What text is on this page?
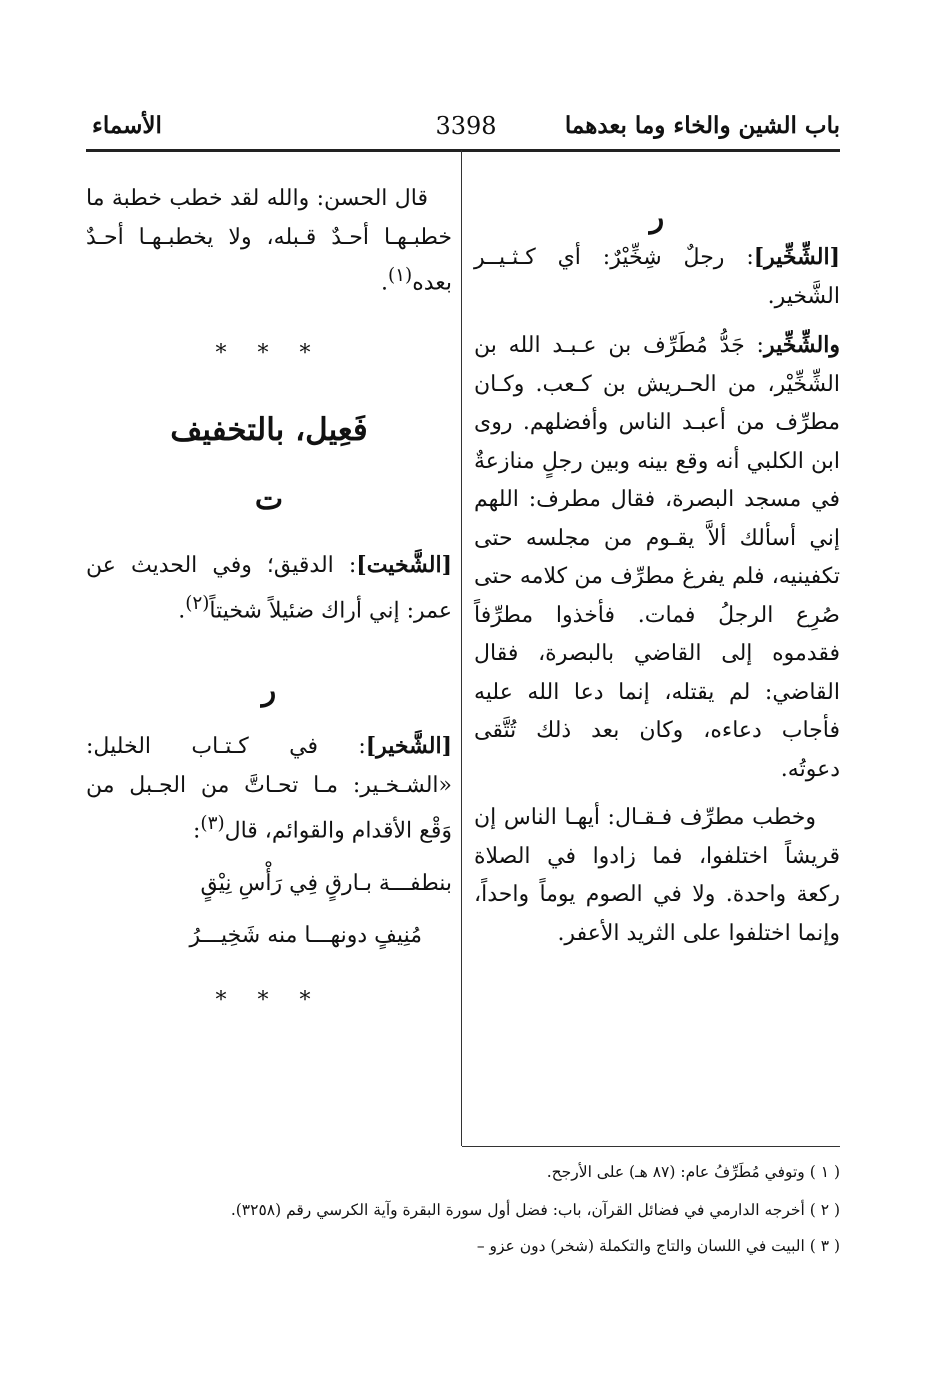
باب الشين والخاء وما بعدهما
3398
الأسماء

ر

[الشِّخِّير]: رجلٌ شِخِّيْرٌ: أي كـثـيــر الشَّخير.

والشِّخِّير: جَدُّ مُطَرِّف بن عـبـد الله بن الشِّخِّيْر، من الحـريش بن كـعب. وكـان مطرِّف من أعبـد الناس وأفضلهم. روى ابن الكلبي أنه وقع بينه وبين رجلٍ منازعةٌ في مسجد البصرة، فقال مطرف: اللهم إني أسألك ألاَّ يقـوم من مجلسه حتى تكفينيه، فلم يفرغ مطرِّف من كلامه حتى صُرِع الرجلُ فمات. فأخذوا مطرِّفاً فقدموه إلى القاضي بالبصرة، فقال القاضي: لم يقتله، إنما دعا الله عليه فأجاب دعاءه، وكان بعد ذلك تُتَّقى دعوتُه.

وخطب مطرِّف فـقـال: أيهـا الناس إن قريشاً اختلفوا، فما زادوا في الصلاة ركعة واحدة. ولا في الصوم يوماً واحداً، وإنما اختلفوا على الثريد الأعفر.

قال الحسن: والله لقد خطب خطبة ما خطبـهـا أحـدٌ قـبله، ولا يخطبـهـا أحـدٌ بعده$^{(١)}$.

* * *

فَعِيل، بالتخفيف

ت

[الشَّخيت]: الدقيق؛ وفي الحديث عن عمر: إني أراك ضئيلاً شخيتاً$^{(٢)}$.

ر

[الشَّخير]: في كـتـاب الخليل: «الشـخـير: مـا تحـاتَّ من الجـبل من وَقْع الأقدام والقوائم، قال$^{(٣)}$:

بنطفـــة بـارقٍ فِي رَأْسِ نِيْقٍ

مُنِيفٍ دونهـــا منه شَخِيـــرُ

* * *

( ١ ) وتوفي مُطَرِّفُ عام: (٨٧ هـ) على الأرجح.
( ٢ ) أخرجه الدارمي في فضائل القرآن، باب: فضل أول سورة البقرة وآية الكرسي رقم (٣٢٥٨).
( ٣ ) البيت في اللسان والتاج والتكملة (شخر) دون عزو –
